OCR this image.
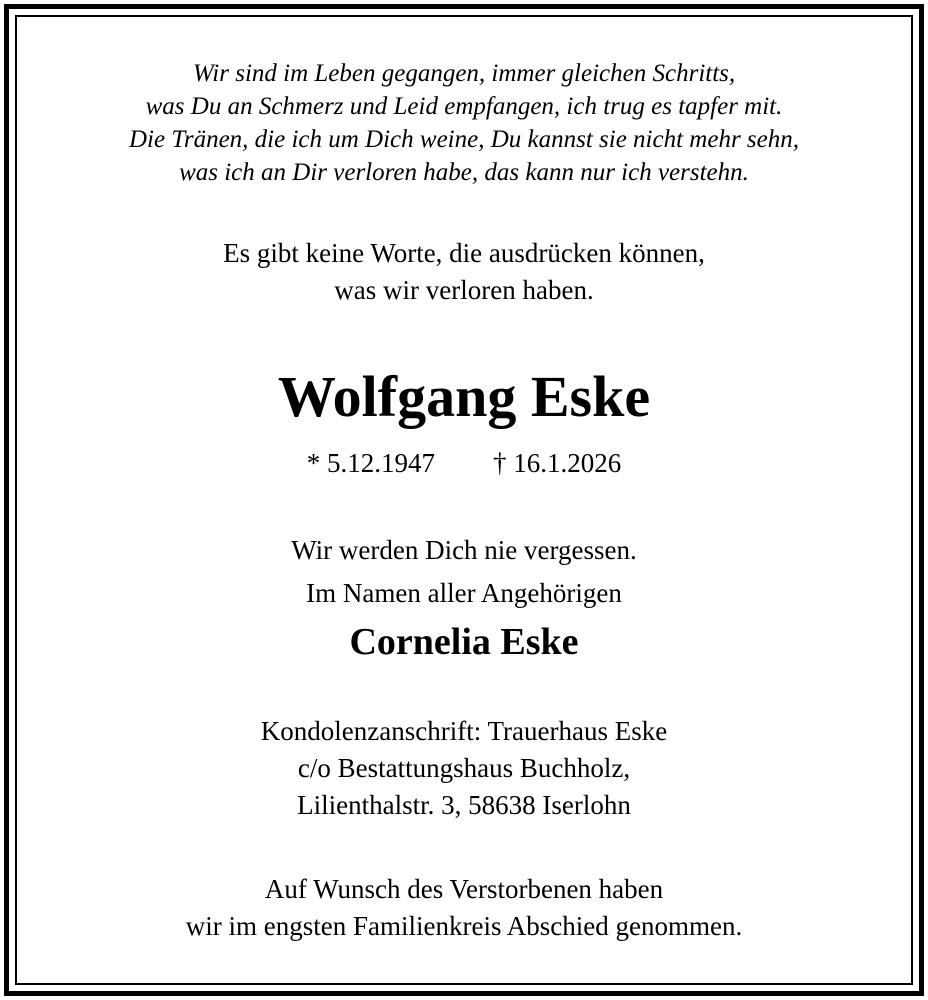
Wir sind im Leben gegangen, immer gleichen Schritts,
was Du an Schmerz und Leid empfangen, ich trug es tapfer mit.
Die Tränen, die ich um Dich weine, Du kannst sie nicht mehr sehn,
was ich an Dir verloren habe, das kann nur ich verstehn.
Es gibt keine Worte, die ausdrücken können,
was wir verloren haben.
Wolfgang Eske
* 5.12.1947 † 16.1.2026
Wir werden Dich nie vergessen.
Im Namen aller Angehörigen
Cornelia Eske
Kondolenzanschrift: Trauerhaus Eske
c/o Bestattungshaus Buchholz,
Lilienthalstr. 3, 58638 Iserlohn
Auf Wunsch des Verstorbenen haben
wir im engsten Familienkreis Abschied genommen.
